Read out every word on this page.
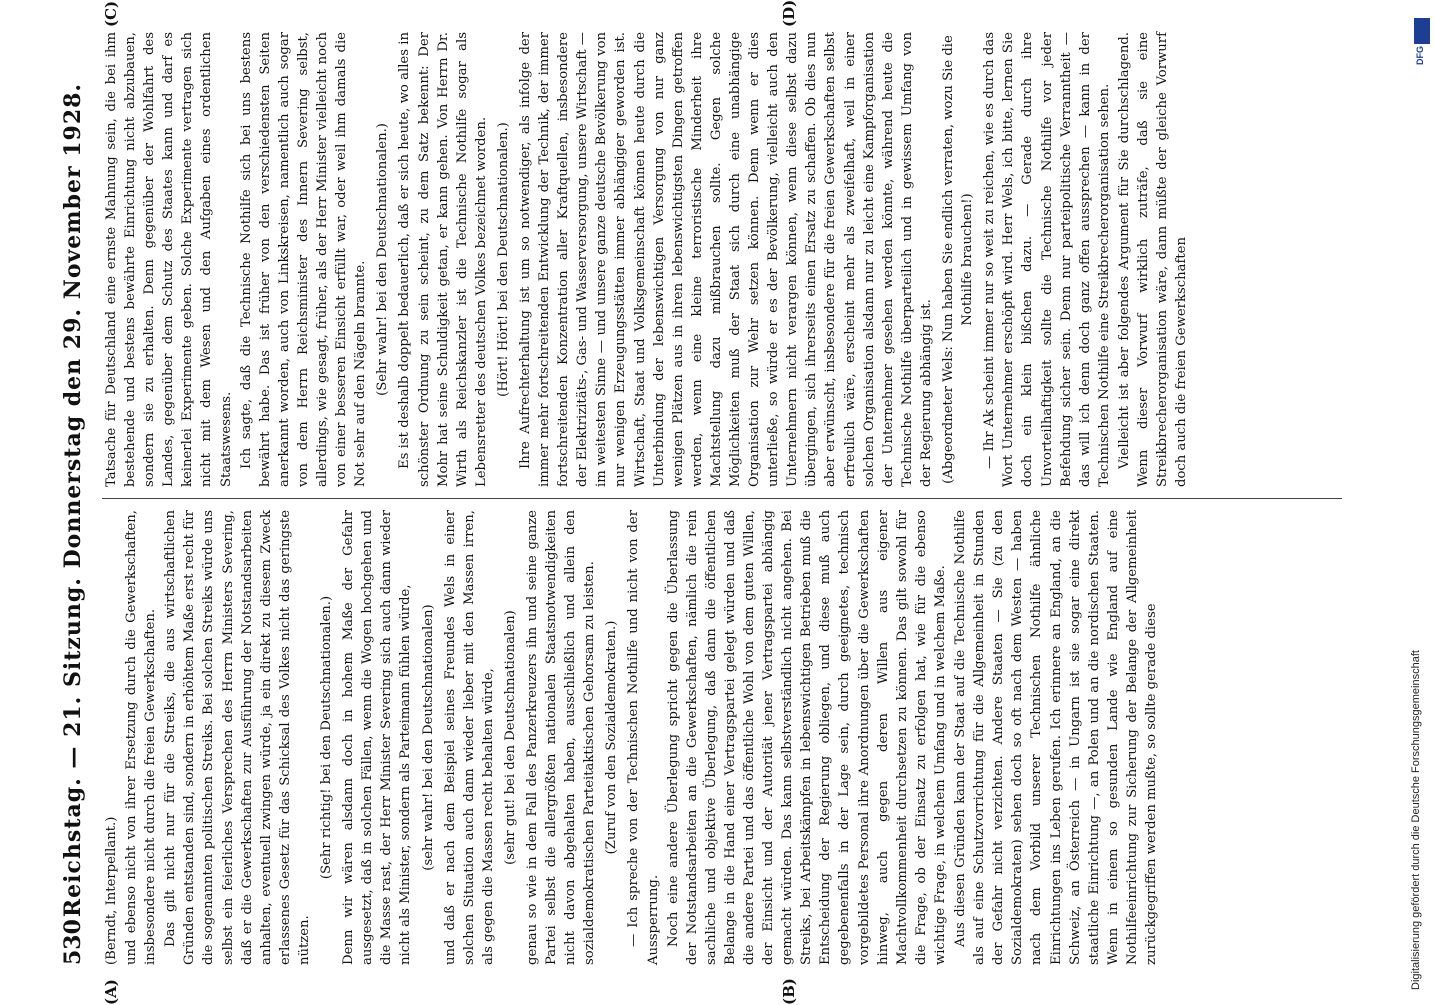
530
Reichstag. — 21. Sitzung. Donnerstag den 29. November 1928. (Berndt, Interpellant.) und ebenso nicht von ihrer Ersetzung durch die Gewerkschaften, insbesondere nicht durch die freien Gewerkschaften. Das gilt nicht nur für die Streiks, die aus wirtschaftlichen Gründen entstanden sind, sondern in erhöhtem Maße erst recht für die sogenannten politischen Streiks. Bei solchen Streiks würde uns selbst ein feierliches Versprechen des Herrn Ministers Severing, daß er die Gewerkschaften zur Ausführung der Notstandsarbeiten anhalten, eventuell zwingen würde, ja ein direkt zu diesem Zweck erlassenes Gesetz für das Schicksal des Volkes nicht das geringste nützen.

(Sehr richtig! bei den Deutschnationalen.) Denn wir wären alsdann doch in hohem Maße der Gefahr ausgesetzt, daß in solchen Fällen, wenn die Wogen hochgehen und die Masse rast, der Herr Minister Severing sich auch dann wieder nicht als Minister, sondern als Parteimann fühlen würde, (sehr wahr! bei den Deutschnationalen) und daß er nach dem Beispiel seines Freundes Wels in einer solchen Situation auch dann wieder lieber mit den Massen irren, als gegen die Massen recht behalten würde, (sehr gut! bei den Deutschnationalen) genau so wie in dem Fall des Panzerkreuzers ihn und seine ganze Partei selbst die allergrößten nationalen Staatsnotwendigkeiten nicht davon abgehalten haben, ausschließlich und allein den sozialdemokratischen Parteitaktischen Gehorsam zu leisten. (Zuruf von den Sozialdemokraten.) — Ich spreche von der Technischen Nothilfe und nicht von der Aussperrung. Noch eine andere Überlegung spricht gegen die Überlassung der Notstandsarbeiten an die Gewerkschaften, nämlich die rein sachliche und objektive Überlegung, daß dann die öffentlichen Belange in die Hand einer Vertragspartei gelegt würden und daß die andere Partei und das öffentliche Wohl von dem guten Willen, der Einsicht und der Autorität jener Vertragspartei abhängig gemacht würden. Das kann selbstverständlich nicht angehen. Bei Streiks, bei Arbeitskämpfen in lebenswichtigen Betrieben muß die Entscheidung der Regierung obliegen, und diese muß auch gegebenenfalls in der Lage sein, durch geeignetes, technisch vorgebildetes Personal ihre Anordnungen über die Gewerkschaften hinweg, auch gegen deren Willen aus eigener Machtvollkommenheit durchsetzen zu können. Das gilt sowohl für die Frage, ob der Einsatz zu erfolgen hat, wie für die ebenso wichtige Frage, in welchem Umfang und in welchem Maße. Aus diesen Gründen kann der Staat auf die Technische Nothilfe als auf eine Schutzvorrichtung für die Allgemeinheit in Stunden der Gefahr nicht verzichten. Andere Staaten — Sie (zu den Sozialdemokraten) sehen doch so oft nach dem Westen — haben nach dem Vorbild unserer Technischen Nothilfe ähnliche Einrichtungen ins Leben gerufen. Ich erinnere an England, an die Schweiz, an Österreich — in Ungarn ist sie sogar eine direkt staatliche Einrichtung —, an Polen und an die nordischen Staaten. Wenn in einem so gesunden Lande wie England auf eine Nothilfeeinrichtung zur Sicherung der Belange der Allgemeinheit zurückgegriffen werden mußte, so sollte gerade diese

Tatsache für Deutschland eine ernste Mahnung sein, die bei ihm bestehende und bestens bewährte Einrichtung nicht abzubauen, sondern sie zu erhalten. Denn gegenüber der Wohlfahrt des Landes, gegenüber dem Schutz des Staates kann und darf es keinerlei Experimente geben. Solche Experimente vertragen sich nicht mit dem Wesen und den Aufgaben eines ordentlichen Staatswesens. Ich sagte, daß die Technische Nothilfe sich bei uns bestens bewährt habe. Das ist früher von den verschiedensten Seiten anerkannt worden, auch von Linkskreisen, namentlich auch sogar von dem Herrn Reichsminister des Innern Severing selbst, allerdings, wie gesagt, früher, als der Herr Minister vielleicht noch von einer besseren Einsicht erfüllt war, oder weil ihm damals die Not sehr auf den Nägeln brannte. (Sehr wahr! bei den Deutschnationalen.) Es ist deshalb doppelt bedauerlich, daß er sich heute, wo alles in schönster Ordnung zu sein scheint, zu dem Satz bekennt: Der Mohr hat seine Schuldigkeit getan, er kann gehen. Von Herrn Dr. Wirth als Reichskanzler ist die Technische Nothilfe sogar als Lebensretter des deutschen Volkes bezeichnet worden. (Hört! Hört! bei den Deutschnationalen.) Ihre Aufrechterhaltung ist um so notwendiger, als infolge der immer mehr fortschreitenden Entwicklung der Technik, der immer fortschreitenden Konzentration aller Kraftquellen, insbesondere der Elektrizitäts-, Gas- und Wasserversorgung, unsere Wirtschaft — im weitesten Sinne — und unsere ganze deutsche Bevölkerung von nur wenigen Erzeugungsstätten immer abhängiger geworden ist. Wirtschaft, Staat und Volksgemeinschaft können heute durch die Unterbindung der lebenswichtigen Versorgung von nur ganz wenigen Plätzen aus in ihren lebenswichtigsten Dingen getroffen werden, wenn eine kleine terroristische Minderheit ihre Machtstellung dazu mißbrauchen sollte. Gegen solche Möglichkeiten muß der Staat sich durch eine unabhängige Organisation zur Wehr setzen können. Denn wenn er dies unterließe, so würde er es der Bevölkerung, vielleicht auch den Unternehmern nicht verargen können, wenn diese selbst dazu übergingen, sich ihrerseits einen Ersatz zu schaffen. Ob dies nun aber erwünscht, insbesondere für die freien Gewerkschaften selbst erfreulich wäre, erscheint mehr als zweifelhaft, weil in einer solchen Organisation alsdann nur zu leicht eine Kampforganisation der Unternehmer gesehen werden könnte, während heute die Technische Nothilfe überparteilich und in gewissem Umfang von der Regierung abhängig ist. (Abgeordneter Wels: Nun haben Sie endlich verraten, wozu Sie die Nothilfe brauchen!) — Ihr Ak scheint immer nur so weit zu reichen, wie es durch das Wort Unternehmer erschöpft wird. Herr Wels, ich bitte, lernen Sie doch ein klein bißchen dazu. — Gerade durch ihre Unvorteilhaftigkeit sollte die Technische Nothilfe vor jeder Befehdung sicher sein. Denn nur parteipolitische Verranntheit — das will ich denn doch ganz offen aussprechen — kann in der Technischen Nothilfe eine Streikbrecherorganisation sehen. Vielleicht ist aber folgendes Argument für Sie durchschlagend. Wenn dieser Vorwurf wirklich zuträfe, daß sie eine Streikbrecherorganisation wäre, dann müßte der gleiche Vorwurf doch auch die freien Gewerkschaften

(A)	(B)
(C)	(D)
DFG
Digitalisierung gefördert durch die Deutsche Forschungsgemeinschaft
